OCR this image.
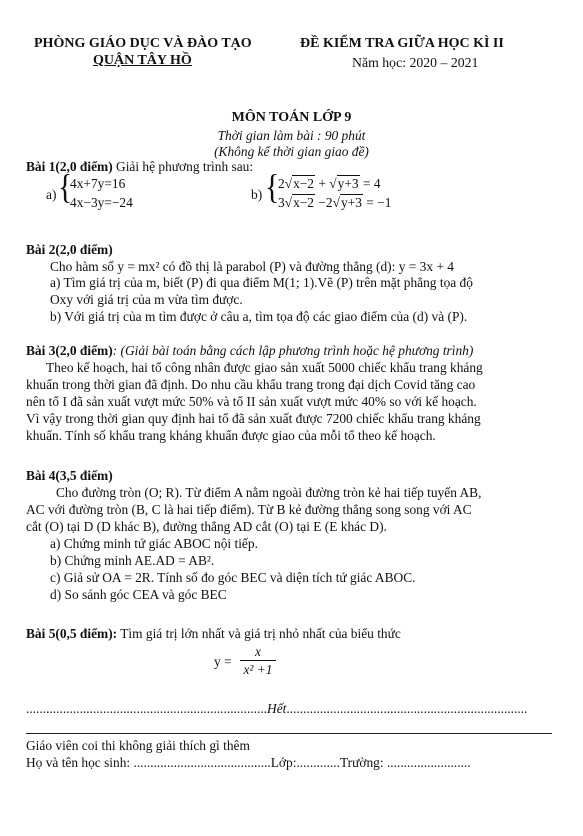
PHÒNG GIÁO DỤC VÀ ĐÀO TẠO
QUẬN TÂY HỒ
ĐỀ KIỂM TRA GIỮA HỌC KÌ II
Năm học: 2020 – 2021
MÔN TOÁN LỚP 9
Thời gian làm bài : 90 phút
(Không kể thời gian giao đề)
Bài 1(2,0 điểm) Giải hệ phương trình sau:
a) {
4x+7y=16
4x−3y=−24
b) {
2√x−2 + √y+3 = 4
3√x−2 −2√y+3 = −1
Bài 2(2,0 điểm)
Cho hàm số y = mx² có đồ thị là parabol (P) và đường thẳng (d): y = 3x + 4
a) Tìm giá trị của m, biết (P) đi qua điểm M(1; 1).Vẽ (P) trên mặt phẳng tọa độ
Oxy với giá trị của m vừa tìm được.
b) Với giá trị của m tìm được ở câu a, tìm tọa độ các giao điểm của (d) và (P).
Bài 3(2,0 điểm): (Giải bài toán bằng cách lập phương trình hoặc hệ phương trình)
Theo kế hoạch, hai tổ công nhân được giao sản xuất 5000 chiếc khẩu trang kháng
khuẩn trong thời gian đã định. Do nhu cầu khẩu trang trong đại dịch Covid tăng cao
nên tổ I đã sản xuất vượt mức 50% và tổ II sản xuất vượt mức 40% so với kế hoạch.
Vì vậy trong thời gian quy định hai tổ đã sản xuất được 7200 chiếc khẩu trang kháng
khuẩn. Tính số khẩu trang kháng khuẩn được giao của mỗi tổ theo kế hoạch.
Bài 4(3,5 điểm)
Cho đường tròn (O; R). Từ điểm A nằm ngoài đường tròn kẻ hai tiếp tuyến AB,
AC với đường tròn (B, C là hai tiếp điểm). Từ B kẻ đường thẳng song song với AC
cắt (O) tại D (D khác B), đường thẳng AD cắt (O) tại E (E khác D).
a) Chứng minh tứ giác ABOC nội tiếp.
b) Chứng minh AE.AD = AB².
c) Giả sử OA = 2R. Tính số đo góc BEC và diện tích tứ giác ABOC.
d) So sánh góc CEA và góc BEC
Bài 5(0,5 điểm): Tìm giá trị lớn nhất và giá trị nhỏ nhất của biểu thức
$y = \frac{x}{\text{x² +1}}$
........................................................................Hết........................................................................
Giáo viên coi thi không giải thích gì thêm
Họ và tên học sinh: .........................................Lớp:.............Trường: .........................
